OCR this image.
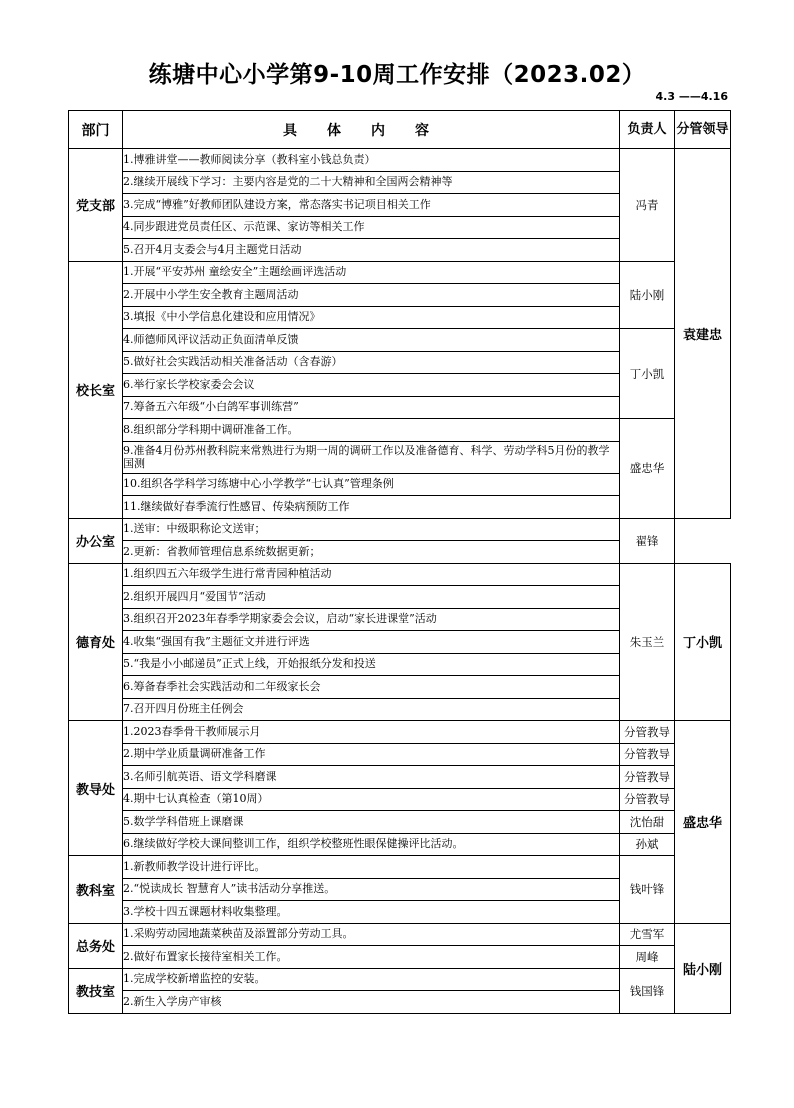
练塘中心小学第9-10周工作安排（2023.02）
4.3 ——4.16
部门	具体内容	负责人	分管领导
党支部	1.博雅讲堂——教师阅读分享（教科室小钱总负责）	冯青	袁建忠
	2.继续开展线下学习：主要内容是党的二十大精神和全国两会精神等		
	3.完成“博雅”好教师团队建设方案，常态落实书记项目相关工作		
	4.同步跟进党员责任区、示范课、家访等相关工作		
	5.召开4月支委会与4月主题党日活动		
校长室	1.开展“平安苏州 童绘安全”主题绘画评选活动	陆小刚	
	2.开展中小学生安全教育主题周活动		
	3.填报《中小学信息化建设和应用情况》		
	4.师德师风评议活动正负面清单反馈	丁小凯	
	5.做好社会实践活动相关准备活动（含春游）		
	6.举行家长学校家委会会议		
	7.筹备五六年级“小白鸽军事训练营”		
	8.组织部分学科期中调研准备工作。	盛忠华	
	9.准备4月份苏州教科院来常熟进行为期一周的调研工作以及准备德育、科学、劳动学科5月份的教学国测		
	10.组织各学科学习练塘中心小学教学“七认真”管理条例		
	11.继续做好春季流行性感冒、传染病预防工作		
办公室	1.送审：中级职称论文送审；	翟锋	
	2.更新：省教师管理信息系统数据更新；		
德育处	1.组织四五六年级学生进行常青园种植活动	朱玉兰	丁小凯
	2.组织开展四月“爱国节”活动		
	3.组织召开2023年春季学期家委会会议，启动“家长进课堂”活动		
	4.收集“强国有我”主题征文并进行评选		
	5.“我是小小邮递员”正式上线，开始报纸分发和投送		
	6.筹备春季社会实践活动和二年级家长会		
	7.召开四月份班主任例会		
教导处	1.2023春季骨干教师展示月	分管教导	盛忠华
	2.期中学业质量调研准备工作	分管教导	
	3.名师引航英语、语文学科磨课	分管教导	
	4.期中七认真检查（第10周）	分管教导	
	5.数学学科借班上课磨课	沈怡甜	
	6.继续做好学校大课间整训工作，组织学校整班性眼保健操评比活动。	孙斌	
教科室	1.新教师教学设计进行评比。	钱叶锋	
	2.“悦读成长 智慧育人”读书活动分享推送。		
	3.学校十四五课题材料收集整理。		
总务处	1.采购劳动园地蔬菜秧苗及添置部分劳动工具。	尤雪军	陆小刚
	2.做好布置家长接待室相关工作。	周峰	
教技室	1.完成学校新增监控的安装。	钱国锋	
	2.新生入学房产审核		
